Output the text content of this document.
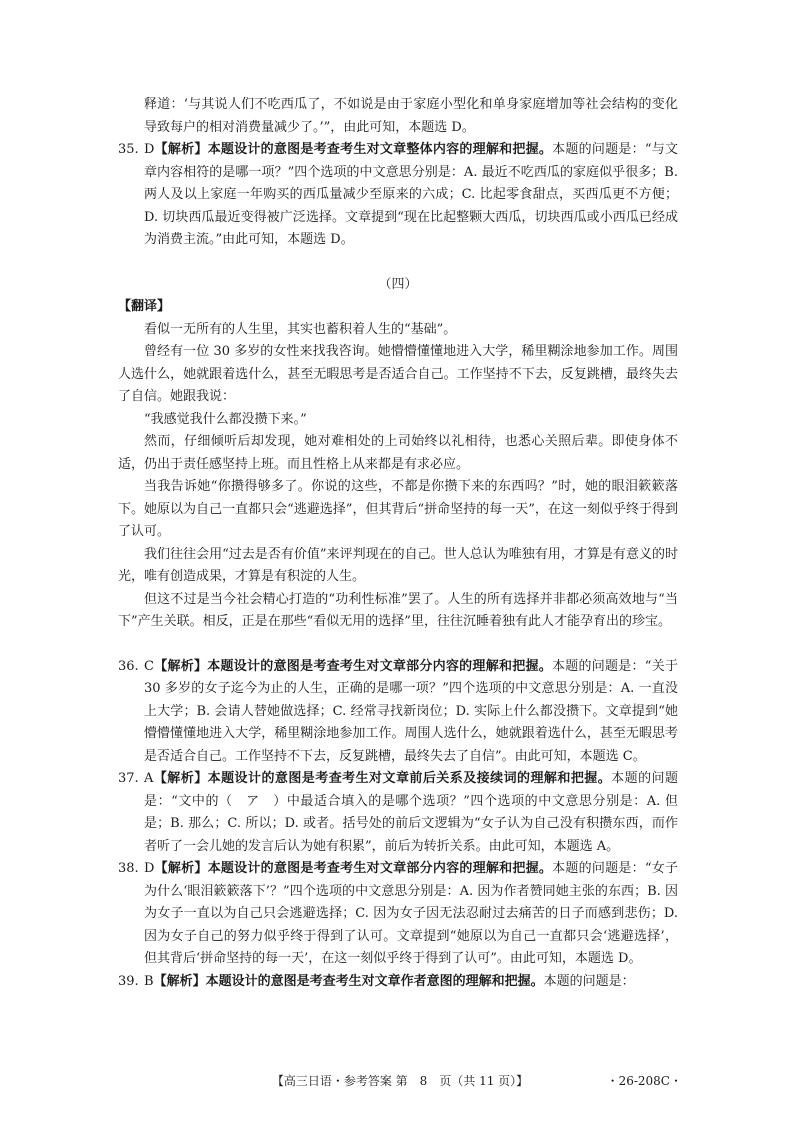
释道：‘与其说人们不吃西瓜了，不如说是由于家庭小型化和单身家庭增加等社会结构的变化导致每户的相对消费量减少了。’”，由此可知，本题选 D。

35. D【解析】本题设计的意图是考查考生对文章整体内容的理解和把握。本题的问题是：“与文章内容相符的是哪一项？”四个选项的中文意思分别是：A. 最近不吃西瓜的家庭似乎很多；B. 两人及以上家庭一年购买的西瓜量减少至原来的六成；C. 比起零食甜点，买西瓜更不方便；D. 切块西瓜最近变得被广泛选择。文章提到“现在比起整颗大西瓜，切块西瓜或小西瓜已经成为消费主流。”由此可知，本题选 D。

（四）

【翻译】

看似一无所有的人生里，其实也蓄积着人生的“基础”。

曾经有一位 30 多岁的女性来找我咨询。她懵懵懂懂地进入大学，稀里糊涂地参加工作。周围人选什么，她就跟着选什么，甚至无暇思考是否适合自己。工作坚持不下去，反复跳槽，最终失去了自信。她跟我说：

“我感觉我什么都没攒下来。”

然而，仔细倾听后却发现，她对难相处的上司始终以礼相待，也悉心关照后辈。即使身体不适，仍出于责任感坚持上班。而且性格上从来都是有求必应。

当我告诉她“你攒得够多了。你说的这些，不都是你攒下来的东西吗？”时，她的眼泪簌簌落下。她原以为自己一直都只会“逃避选择”，但其背后“拼命坚持的每一天”，在这一刻似乎终于得到了认可。

我们往往会用“过去是否有价值”来评判现在的自己。世人总认为唯独有用，才算是有意义的时光，唯有创造成果，才算是有积淀的人生。

但这不过是当今社会精心打造的“功利性标准”罢了。人生的所有选择并非都必须高效地与“当下”产生关联。相反，正是在那些“看似无用的选择”里，往往沉睡着独有此人才能孕育出的珍宝。

36. C【解析】本题设计的意图是考查考生对文章部分内容的理解和把握。本题的问题是：“关于 30 多岁的女子迄今为止的人生，正确的是哪一项？”四个选项的中文意思分别是：A. 一直没上大学；B. 会请人替她做选择；C. 经常寻找新岗位；D. 实际上什么都没攒下。文章提到“她懵懵懂懂地进入大学，稀里糊涂地参加工作。周围人选什么，她就跟着选什么，甚至无暇思考是否适合自己。工作坚持不下去，反复跳槽，最终失去了自信”。由此可知，本题选 C。

37. A【解析】本题设计的意图是考查考生对文章前后关系及接续词的理解和把握。本题的问题是：“文中的（　ア　）中最适合填入的是哪个选项？”四个选项的中文意思分别是：A. 但是；B. 那么；C. 所以；D. 或者。括号处的前后文逻辑为“女子认为自己没有积攒东西，而作者听了一会儿她的发言后认为她有积累”，前后为转折关系。由此可知，本题选 A。

38. D【解析】本题设计的意图是考查考生对文章部分内容的理解和把握。本题的问题是：“女子为什么‘眼泪簌簌落下’？”四个选项的中文意思分别是：A. 因为作者赞同她主张的东西；B. 因为女子一直以为自己只会逃避选择；C. 因为女子因无法忍耐过去痛苦的日子而感到悲伤；D. 因为女子自己的努力似乎终于得到了认可。文章提到“她原以为自己一直都只会‘逃避选择’，但其背后‘拼命坚持的每一天’，在这一刻似乎终于得到了认可”。由此可知，本题选 D。

39. B【解析】本题设计的意图是考查考生对文章作者意图的理解和把握。本题的问题是：

【高三日语・参考答案 第　8　页（共 11 页）】	・26-208C・
